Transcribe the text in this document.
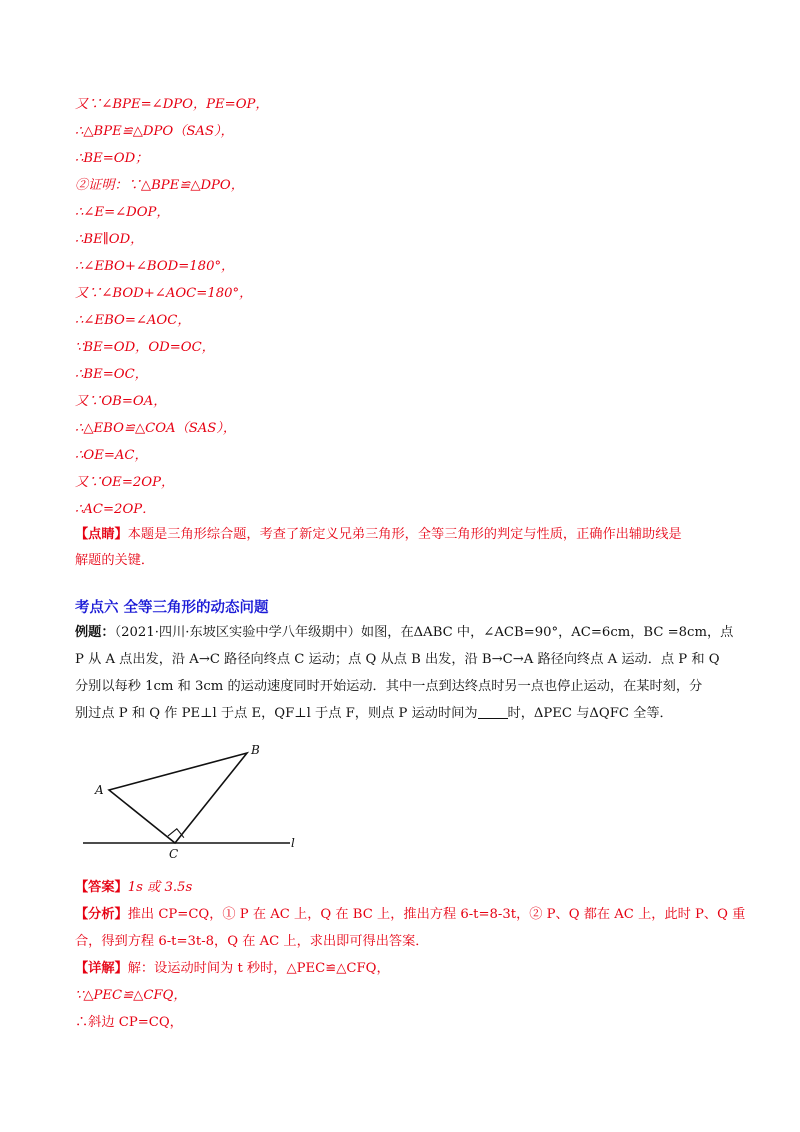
又∵∠BPE=∠DPO，PE=OP，
∴△BPE≌△DPO（SAS），
∴BE=OD；
②证明：∵△BPE≌△DPO，
∴∠E=∠DOP，
∴BE∥OD，
∴∠EBO+∠BOD=180°，
又∵∠BOD+∠AOC=180°，
∴∠EBO=∠AOC，
∵BE=OD，OD=OC，
∴BE=OC，
又∵OB=OA，
∴△EBO≌△COA（SAS），
∴OE=AC，
又∵OE=2OP，
∴AC=2OP．
【点睛】本题是三角形综合题，考查了新定义兄弟三角形，全等三角形的判定与性质，正确作出辅助线是
解题的关键．
考点六 全等三角形的动态问题
例题：（2021·四川·东坡区实验中学八年级期中）如图，在ΔABC 中，∠ACB=90°，AC=6cm，BC =8cm，点
P 从 A 点出发，沿 A→C 路径向终点 C 运动；点 Q 从点 B 出发，沿 B→C→A 路径向终点 A 运动．点 P 和 Q
分别以每秒 1cm 和 3cm 的运动速度同时开始运动．其中一点到达终点时另一点也停止运动，在某时刻，分
别过点 P 和 Q 作 PE⊥l 于点 E，QF⊥l 于点 F，则点 P 运动时间为 时，ΔPEC 与ΔQFC 全等．
A
B
C
l
【答案】1s 或 3.5s
【分析】推出 CP=CQ，① P 在 AC 上，Q 在 BC 上，推出方程 6-t=8-3t，② P、Q 都在 AC 上，此时 P、Q 重
合，得到方程 6-t=3t-8，Q 在 AC 上，求出即可得出答案．
【详解】解：设运动时间为 t 秒时，△PEC≌△CFQ，
∵△PEC≌△CFQ，
∴斜边 CP=CQ，
